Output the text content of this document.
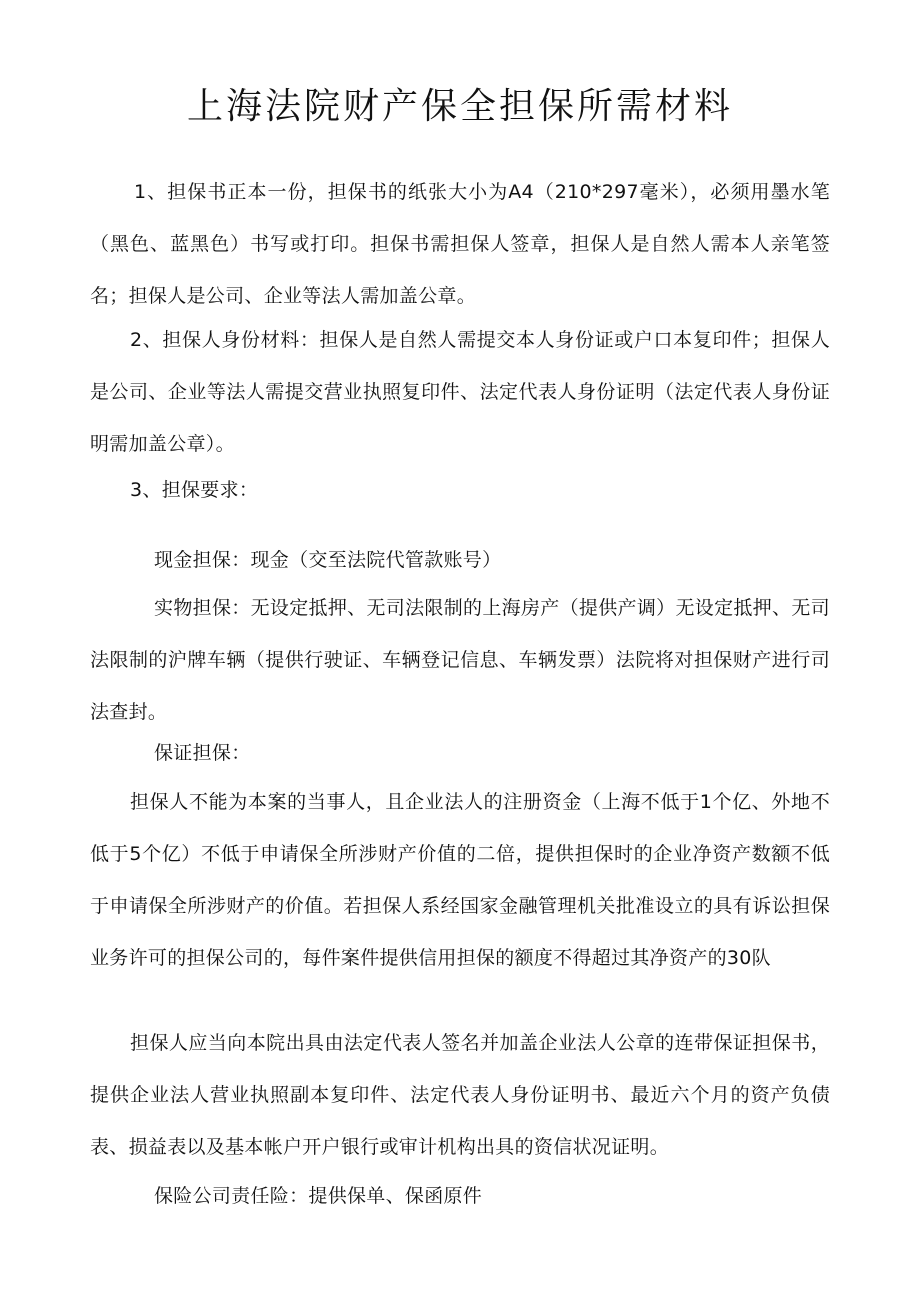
上海法院财产保全担保所需材料

1、担保书正本一份，担保书的纸张大小为A4（210*297毫米），必须用墨水笔（黑色、蓝黑色）书写或打印。担保书需担保人签章，担保人是自然人需本人亲笔签名；担保人是公司、企业等法人需加盖公章。

2、担保人身份材料：担保人是自然人需提交本人身份证或户口本复印件；担保人是公司、企业等法人需提交营业执照复印件、法定代表人身份证明（法定代表人身份证明需加盖公章）。

3、担保要求：

现金担保：现金（交至法院代管款账号）

实物担保：无设定抵押、无司法限制的上海房产（提供产调）无设定抵押、无司法限制的沪牌车辆（提供行驶证、车辆登记信息、车辆发票）法院将对担保财产进行司法查封。

保证担保：

担保人不能为本案的当事人，且企业法人的注册资金（上海不低于1个亿、外地不低于5个亿）不低于申请保全所涉财产价值的二倍，提供担保时的企业净资产数额不低于申请保全所涉财产的价值。若担保人系经国家金融管理机关批准设立的具有诉讼担保业务许可的担保公司的，每件案件提供信用担保的额度不得超过其净资产的30队

担保人应当向本院出具由法定代表人签名并加盖企业法人公章的连带保证担保书，提供企业法人营业执照副本复印件、法定代表人身份证明书、最近六个月的资产负债表、损益表以及基本帐户开户银行或审计机构出具的资信状况证明。

保险公司责任险：提供保单、保函原件
